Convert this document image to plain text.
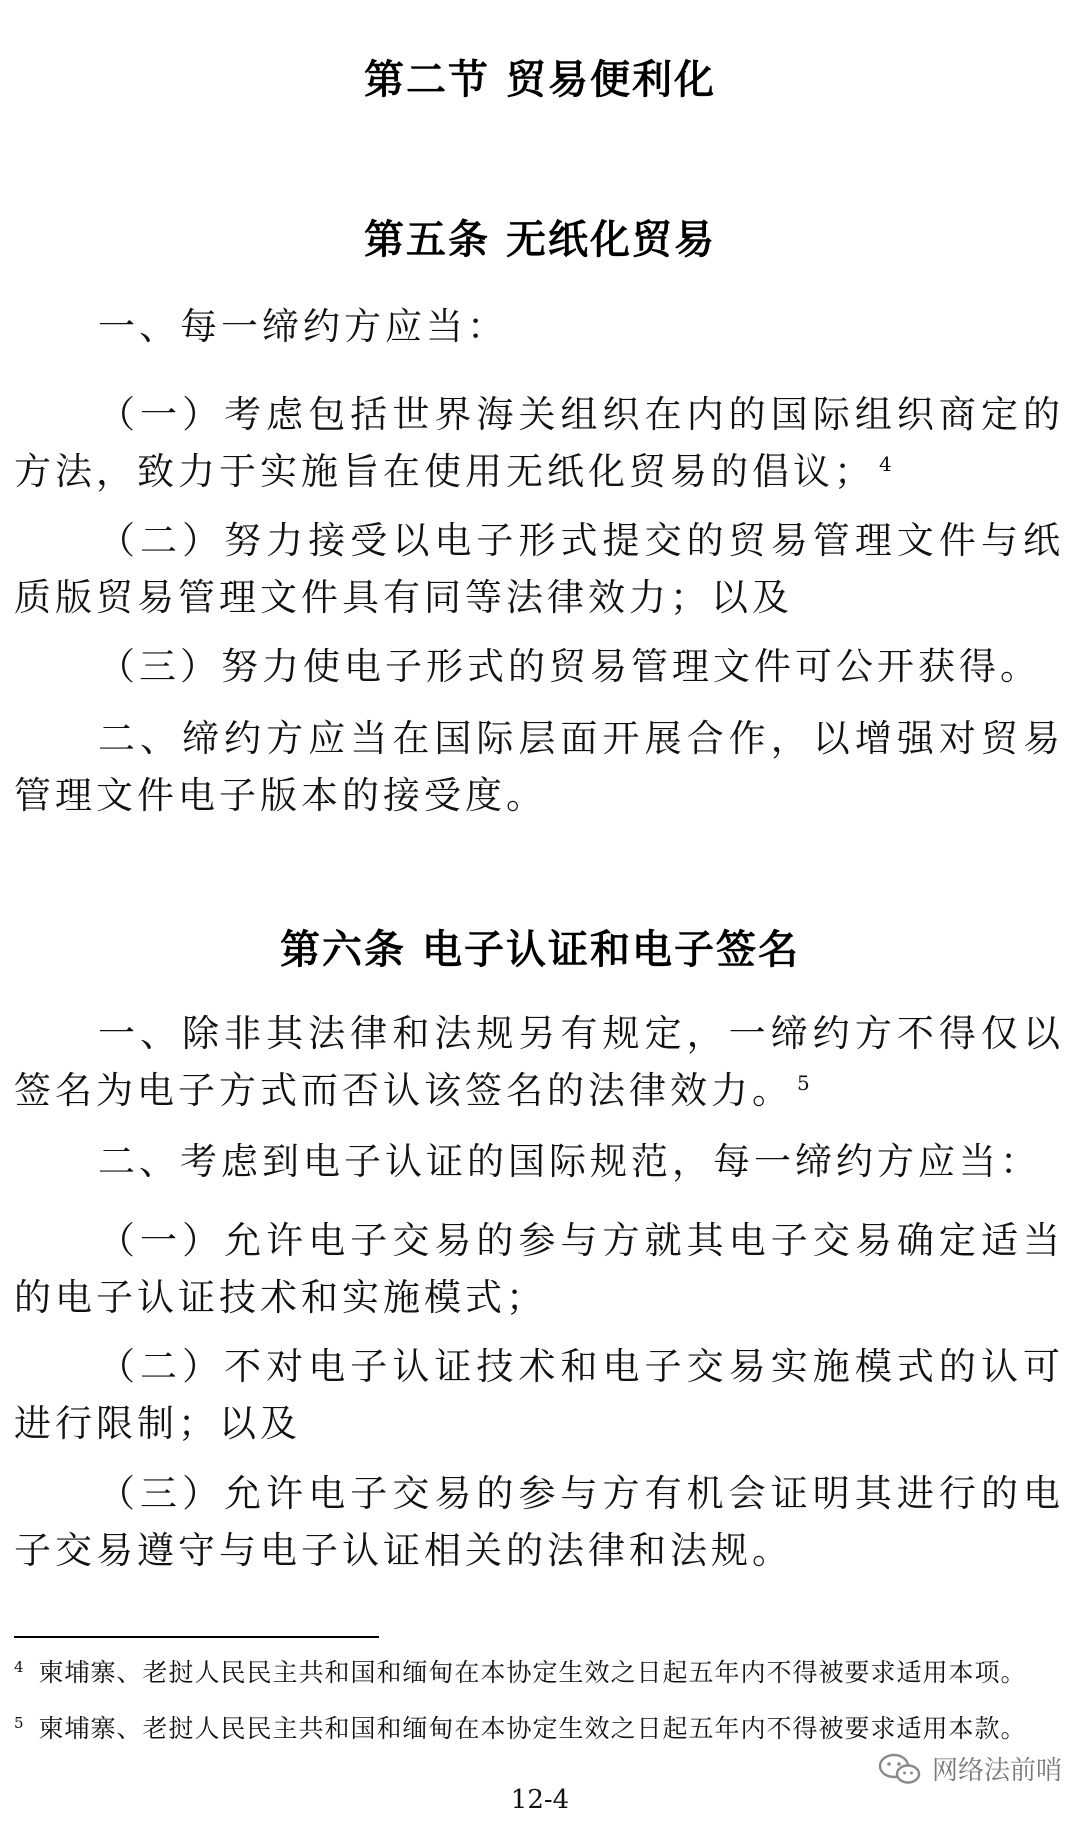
第二节 贸易便利化
第五条 无纸化贸易

一、每一缔约方应当：

（一）考虑包括世界海关组织在内的国际组织商定的方法，致力于实施旨在使用无纸化贸易的倡议； $^4$

（二）努力接受以电子形式提交的贸易管理文件与纸质版贸易管理文件具有同等法律效力；以及

（三）努力使电子形式的贸易管理文件可公开获得。

二、缔约方应当在国际层面开展合作，以增强对贸易管理文件电子版本的接受度。

第六条 电子认证和电子签名

一、除非其法律和法规另有规定，一缔约方不得仅以签名为电子方式而否认该签名的法律效力。 $^5$

二、考虑到电子认证的国际规范，每一缔约方应当：

（一）允许电子交易的参与方就其电子交易确定适当的电子认证技术和实施模式；

（二）不对电子认证技术和电子交易实施模式的认可进行限制；以及

（三）允许电子交易的参与方有机会证明其进行的电子交易遵守与电子认证相关的法律和法规。

$^4$ 柬埔寨、老挝人民民主共和国和缅甸在本协定生效之日起五年内不得被要求适用本项。
$^5$ 柬埔寨、老挝人民民主共和国和缅甸在本协定生效之日起五年内不得被要求适用本款。
网络法前哨
12-4
